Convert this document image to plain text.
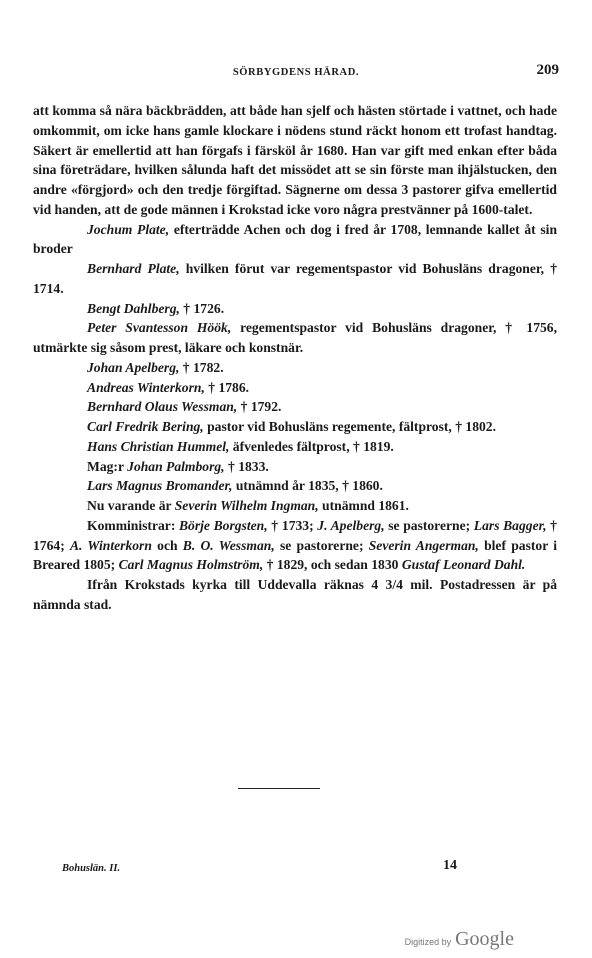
SÖRBYGDENS HÄRAD.	209

att komma så nära bäckbrädden, att både han sjelf och hästen störtade i vattnet, och hade omkommit, om icke hans gamle klockare i nödens stund räckt honom ett trofast handtag. Säkert är emellertid att han förgafs i färsköl år 1680. Han var gift med enkan efter båda sina företrädare, hvilken sålunda haft det missödet att se sin förste man ihjälstucken, den andre «förgjord» och den tredje förgiftad. Sägnerne om dessa 3 pastorer gifva emellertid vid handen, att de gode männen i Krokstad icke voro några prestvänner på 1600-talet.

Jochum Plate, efterträdde Achen och dog i fred år 1708, lemnande kallet åt sin broder

Bernhard Plate, hvilken förut var regementspastor vid Bohusläns dragoner, † 1714.

Bengt Dahlberg, † 1726.

Peter Svantesson Höök, regementspastor vid Bohusläns dragoner, † 1756, utmärkte sig såsom prest, läkare och konstnär.

Johan Apelberg, † 1782.

Andreas Winterkorn, † 1786.

Bernhard Olaus Wessman, † 1792.

Carl Fredrik Bering, pastor vid Bohusläns regemente, fältprost, † 1802.

Hans Christian Hummel, äfvenledes fältprost, † 1819.

Mag:r Johan Palmborg, † 1833.

Lars Magnus Bromander, utnämnd år 1835, † 1860.

Nu varande är Severin Wilhelm Ingman, utnämnd 1861.

Komministrar: Börje Borgsten, † 1733; J. Apelberg, se pastorerne; Lars Bagger, † 1764; A. Winterkorn och B. O. Wessman, se pastorerne; Severin Angerman, blef pastor i Breared 1805; Carl Magnus Holmström, † 1829, och sedan 1830 Gustaf Leonard Dahl.

Ifrån Krokstads kyrka till Uddevalla räknas 4 3/4 mil. Postadressen är på nämnda stad.

Bohuslän. II.	14
Digitized by Google
